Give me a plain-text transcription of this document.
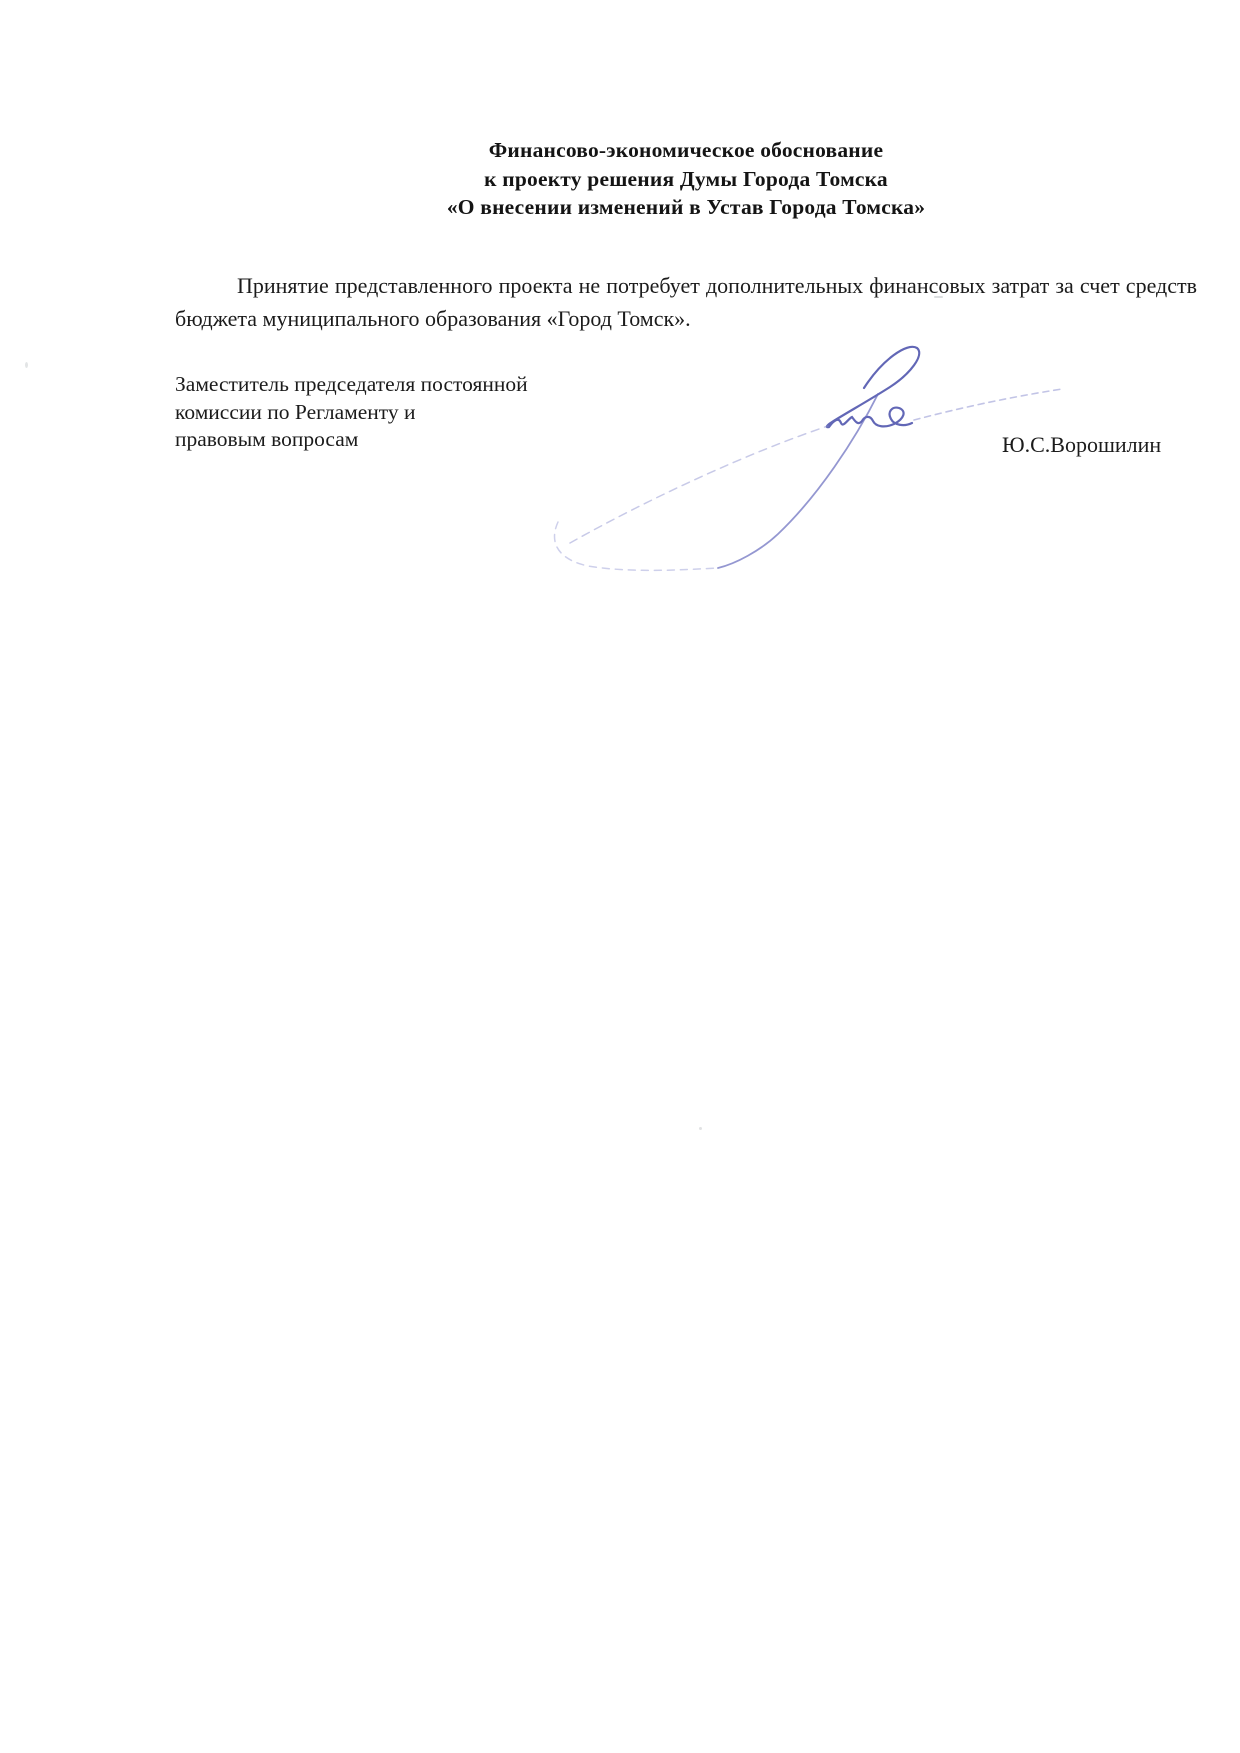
Финансово-экономическое обоснование
к проекту решения Думы Города Томска
«О внесении изменений в Устав Города Томска»

Принятие представленного проекта не потребует дополнительных финансовых затрат за счет средств бюджета муниципального образования «Город Томск».

Заместитель председателя постоянной
комиссии по Регламенту и
правовым вопросам	Ю.С.Ворошилин
